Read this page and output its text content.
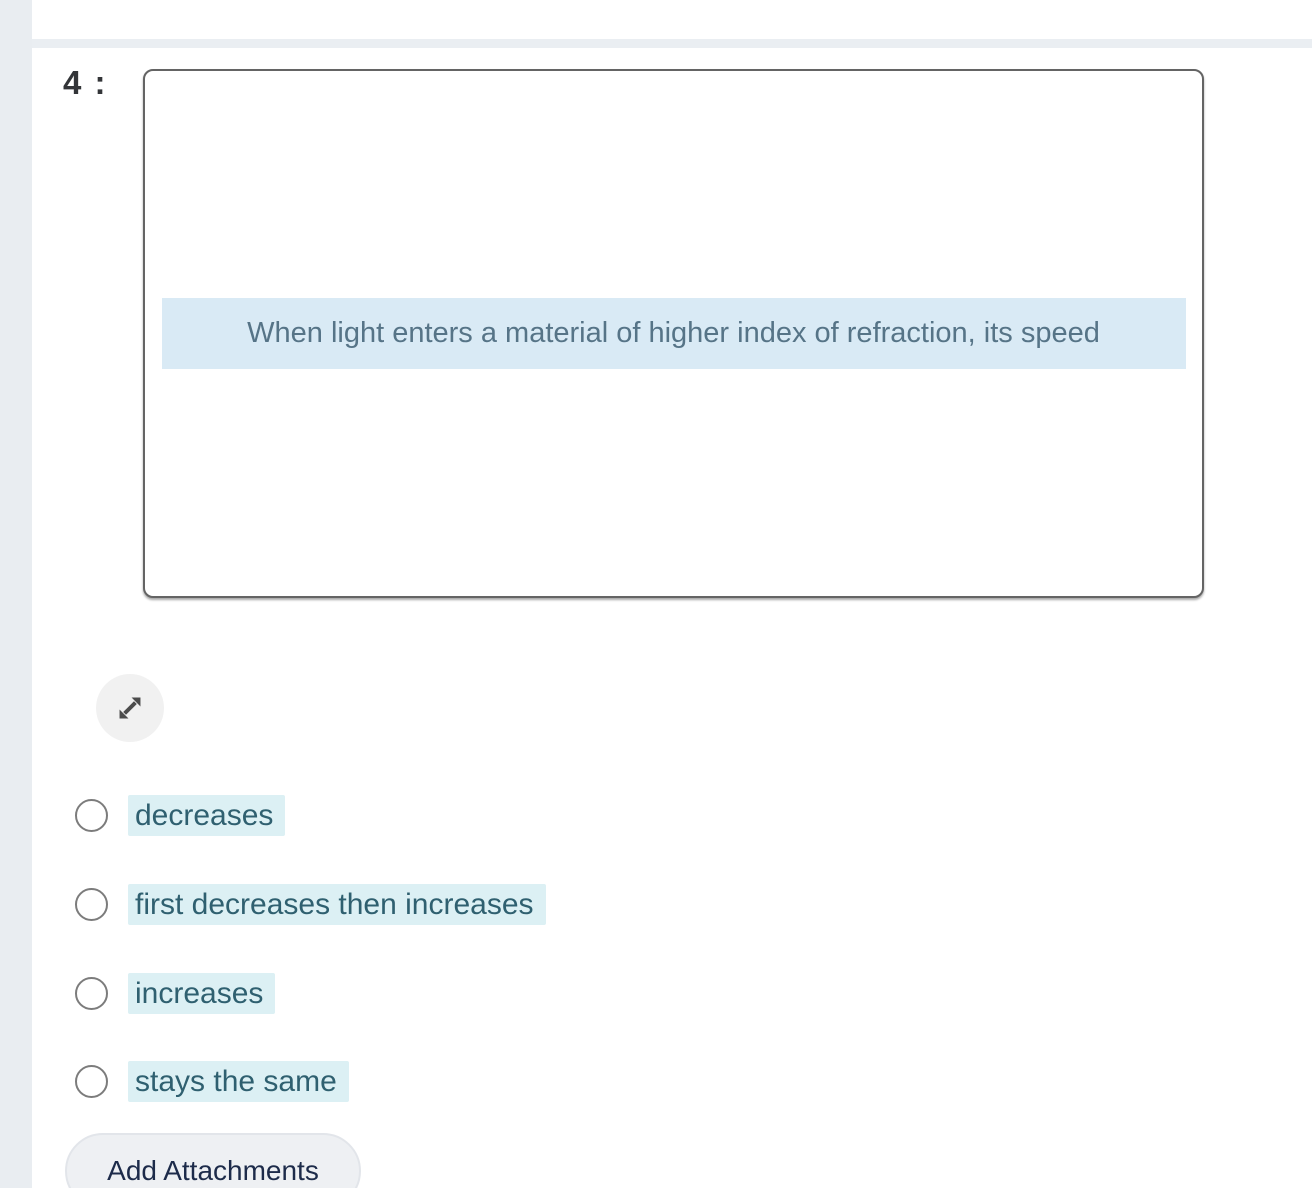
4 :
When light enters a material of higher index of refraction, its speed
decreases
first decreases then increases
increases
stays the same
Add Attachments
